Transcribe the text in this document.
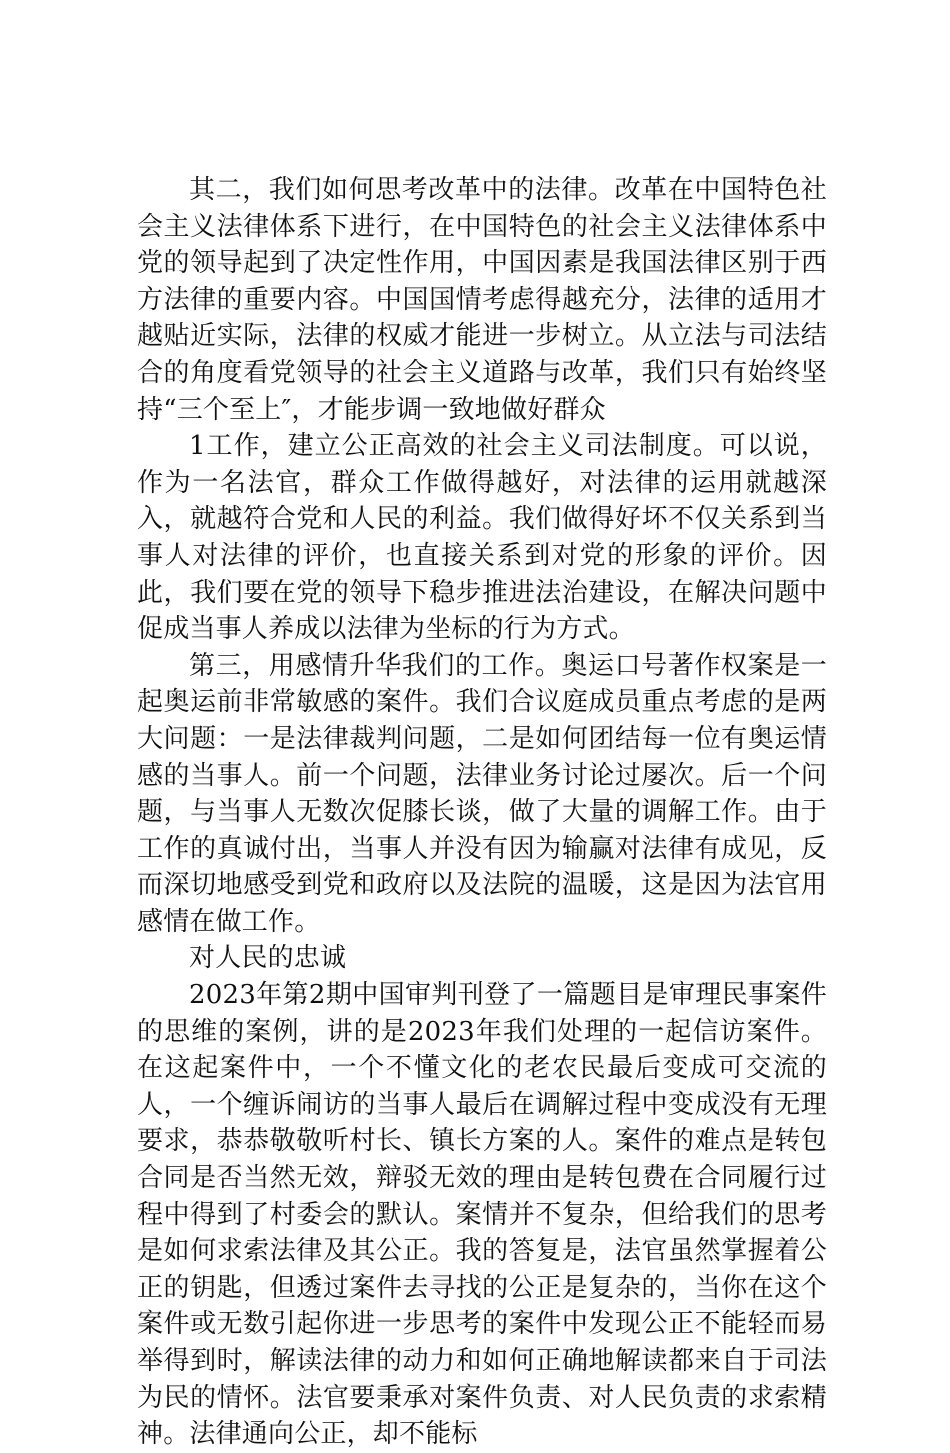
其二，我们如何思考改革中的法律。改革在中国特色社会主义法律体系下进行，在中国特色的社会主义法律体系中党的领导起到了决定性作用，中国因素是我国法律区别于西方法律的重要内容。中国国情考虑得越充分，法律的适用才越贴近实际，法律的权威才能进一步树立。从立法与司法结合的角度看党领导的社会主义道路与改革，我们只有始终坚持“三个至上″，才能步调一致地做好群众

1工作，建立公正高效的社会主义司法制度。可以说，作为一名法官，群众工作做得越好，对法律的运用就越深入，就越符合党和人民的利益。我们做得好坏不仅关系到当事人对法律的评价，也直接关系到对党的形象的评价。因此，我们要在党的领导下稳步推进法治建设，在解决问题中促成当事人养成以法律为坐标的行为方式。

第三，用感情升华我们的工作。奥运口号著作权案是一起奥运前非常敏感的案件。我们合议庭成员重点考虑的是两大问题：一是法律裁判问题，二是如何团结每一位有奥运情感的当事人。前一个问题，法律业务讨论过屡次。后一个问题，与当事人无数次促膝长谈，做了大量的调解工作。由于工作的真诚付出，当事人并没有因为输赢对法律有成见，反而深切地感受到党和政府以及法院的温暖，这是因为法官用感情在做工作。

对人民的忠诚

2023年第2期中国审判刊登了一篇题目是审理民事案件的思维的案例，讲的是2023年我们处理的一起信访案件。在这起案件中，一个不懂文化的老农民最后变成可交流的人，一个缠诉闹访的当事人最后在调解过程中变成没有无理要求，恭恭敬敬听村长、镇长方案的人。案件的难点是转包合同是否当然无效，辩驳无效的理由是转包费在合同履行过程中得到了村委会的默认。案情并不复杂，但给我们的思考是如何求索法律及其公正。我的答复是，法官虽然掌握着公正的钥匙，但透过案件去寻找的公正是复杂的，当你在这个案件或无数引起你进一步思考的案件中发现公正不能轻而易举得到时，解读法律的动力和如何正确地解读都来自于司法为民的情怀。法官要秉承对案件负责、对人民负责的求索精神。法律通向公正，却不能标
